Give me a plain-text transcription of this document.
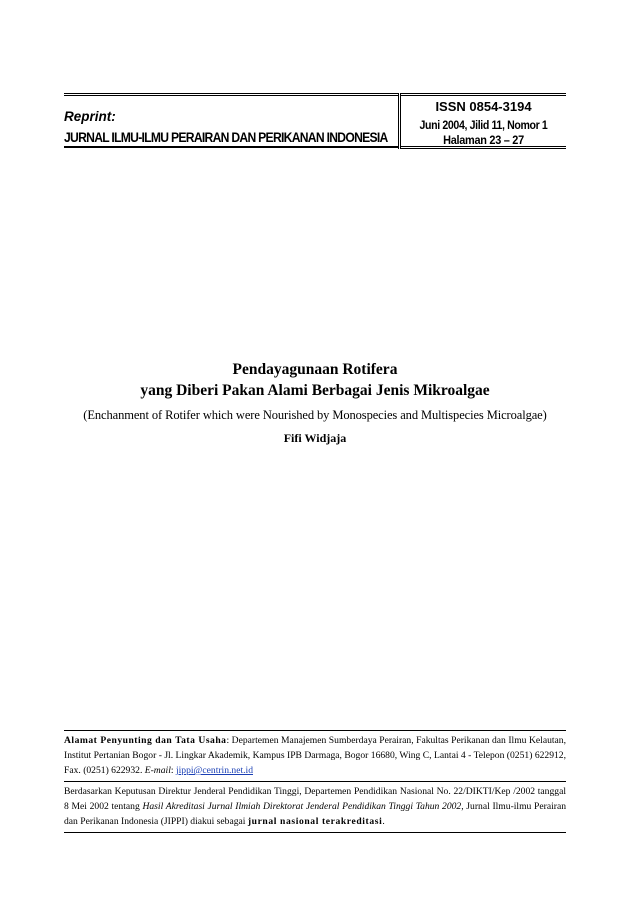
Reprint:
JURNAL ILMU-ILMU PERAIRAN DAN PERIKANAN INDONESIA
ISSN 0854-3194
Juni 2004, Jilid 11, Nomor 1
Halaman 23 – 27
Pendayagunaan Rotifera
yang Diberi Pakan Alami Berbagai Jenis Mikroalgae
(Enchanment of Rotifer which were Nourished by Monospecies and Multispecies Microalgae)
Fifi Widjaja

Alamat Penyunting dan Tata Usaha: Departemen Manajemen Sumberdaya Perairan, Fakultas Perikanan dan Ilmu Kelautan, Institut Pertanian Bogor - Jl. Lingkar Akademik, Kampus IPB Darmaga, Bogor 16680, Wing C, Lantai 4 - Telepon (0251) 622912, Fax. (0251) 622932. E-mail: jippi@centrin.net.id

Berdasarkan Keputusan Direktur Jenderal Pendidikan Tinggi, Departemen Pendidikan Nasional No. 22/DIKTI/Kep /2002 tanggal 8 Mei 2002 tentang Hasil Akreditasi Jurnal Ilmiah Direktorat Jenderal Pendidikan Tinggi Tahun 2002, Jurnal Ilmu-ilmu Perairan dan Perikanan Indonesia (JIPPI) diakui sebagai jurnal nasional terakreditasi.
